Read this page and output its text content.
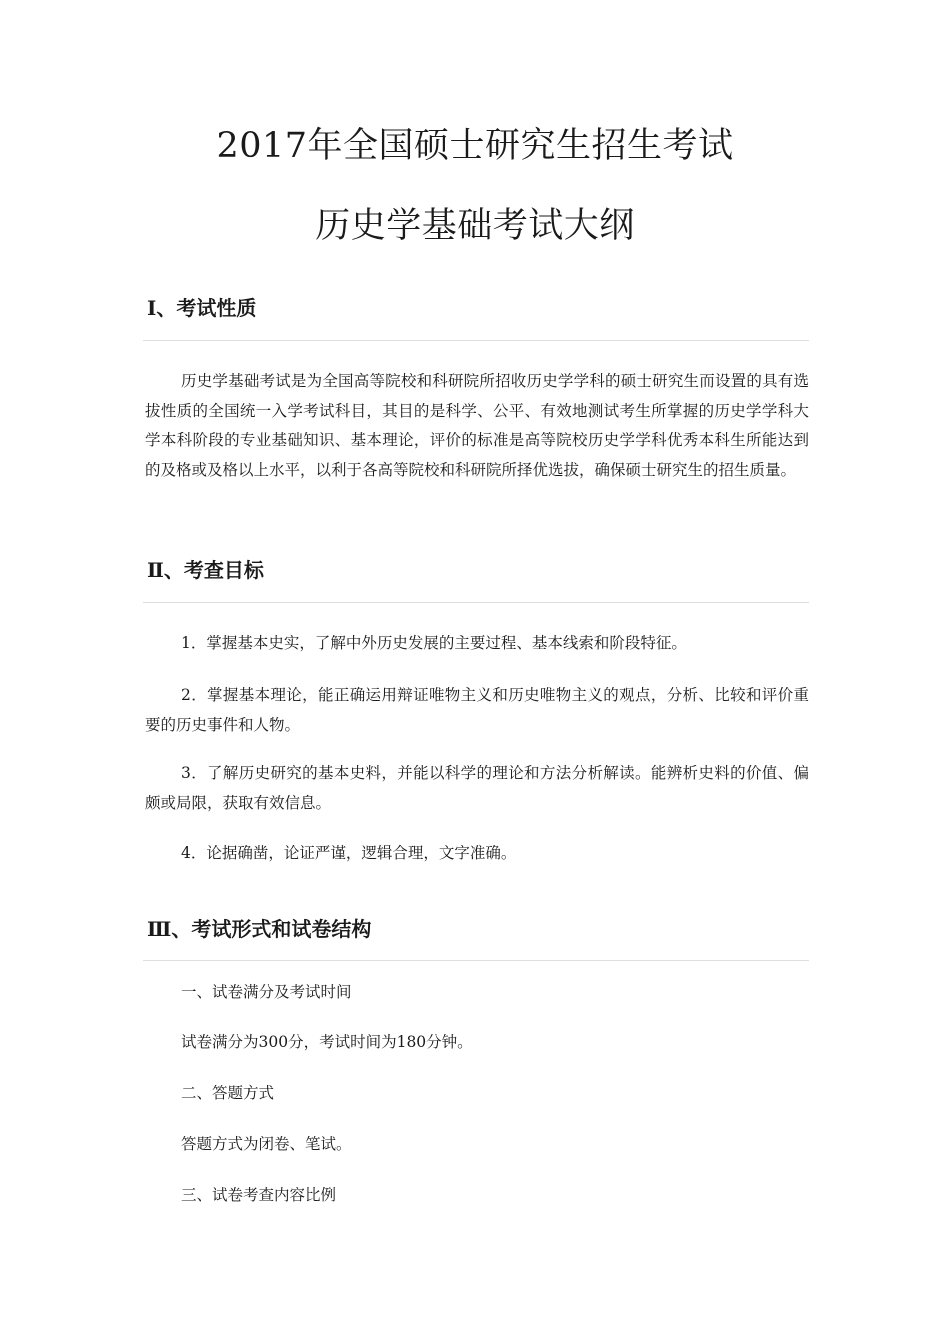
2017年全国硕士研究生招生考试
历史学基础考试大纲
Ⅰ、考试性质

历史学基础考试是为全国高等院校和科研院所招收历史学学科的硕士研究生而设置的具有选拔性质的全国统一入学考试科目，其目的是科学、公平、有效地测试考生所掌握的历史学学科大学本科阶段的专业基础知识、基本理论，评价的标准是高等院校历史学学科优秀本科生所能达到的及格或及格以上水平，以利于各高等院校和科研院所择优选拔，确保硕士研究生的招生质量。

Ⅱ、考查目标

1．掌握基本史实，了解中外历史发展的主要过程、基本线索和阶段特征。

2．掌握基本理论，能正确运用辩证唯物主义和历史唯物主义的观点，分析、比较和评价重要的历史事件和人物。

3．了解历史研究的基本史料，并能以科学的理论和方法分析解读。能辨析史料的价值、偏颇或局限，获取有效信息。

4．论据确凿，论证严谨，逻辑合理，文字准确。

Ⅲ、考试形式和试卷结构

一、试卷满分及考试时间

试卷满分为300分，考试时间为180分钟。

二、答题方式

答题方式为闭卷、笔试。

三、试卷考查内容比例
